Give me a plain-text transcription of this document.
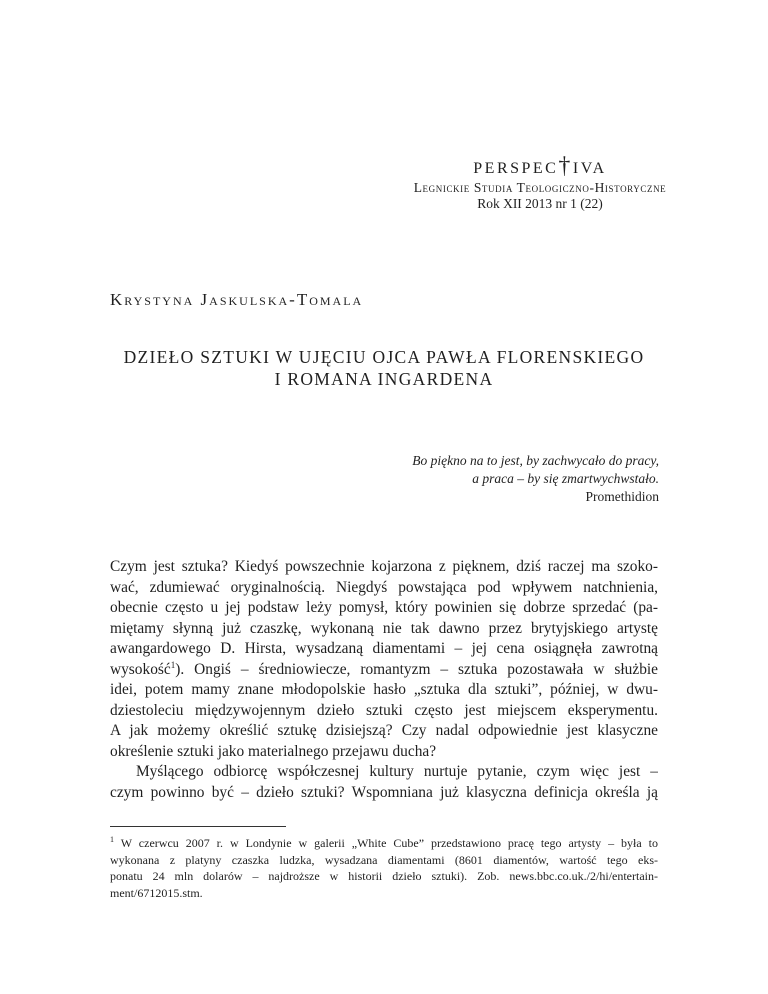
perspec†iva
Legnickie Studia Teologiczno-Historyczne
Rok XII 2013 nr 1 (22)
Krystyna Jaskulska-Tomala
DZIEŁO SZTUKI W UJĘCIU OJCA PAWŁA FLORENSKIEGO
I ROMANA INGARDENA
Bo piękno na to jest, by zachwycało do pracy,
a praca – by się zmartwychwstało.
Promethidion
Czym jest sztuka? Kiedyś powszechnie kojarzona z pięknem, dziś raczej ma szoko-
wać, zdumiewać oryginalnością. Niegdyś powstająca pod wpływem natchnienia,
obecnie często u jej podstaw leży pomysł, który powinien się dobrze sprzedać (pa-
miętamy słynną już czaszkę, wykonaną nie tak dawno przez brytyjskiego artystę
awangardowego D. Hirsta, wysadzaną diamentami – jej cena osiągnęła zawrotną
wysokość$^1$). Ongiś – średniowiecze, romantyzm – sztuka pozostawała w służbie
idei, potem mamy znane młodopolskie hasło „sztuka dla sztuki”, później, w dwu-
dziestoleciu międzywojennym dzieło sztuki często jest miejscem eksperymentu.
A jak możemy określić sztukę dzisiejszą? Czy nadal odpowiednie jest klasyczne
określenie sztuki jako materialnego przejawu ducha?
Myślącego odbiorcę współczesnej kultury nurtuje pytanie, czym więc jest –
czym powinno być – dzieło sztuki? Wspomniana już klasyczna definicja określa ją
$^1$ W czerwcu 2007 r. w Londynie w galerii „White Cube” przedstawiono pracę tego artysty – była to
wykonana z platyny czaszka ludzka, wysadzana diamentami (8601 diamentów, wartość tego eks-
ponatu 24 mln dolarów – najdroższe w historii dzieło sztuki). Zob. news.bbc.co.uk./2/hi/entertain-
ment/6712015.stm.
